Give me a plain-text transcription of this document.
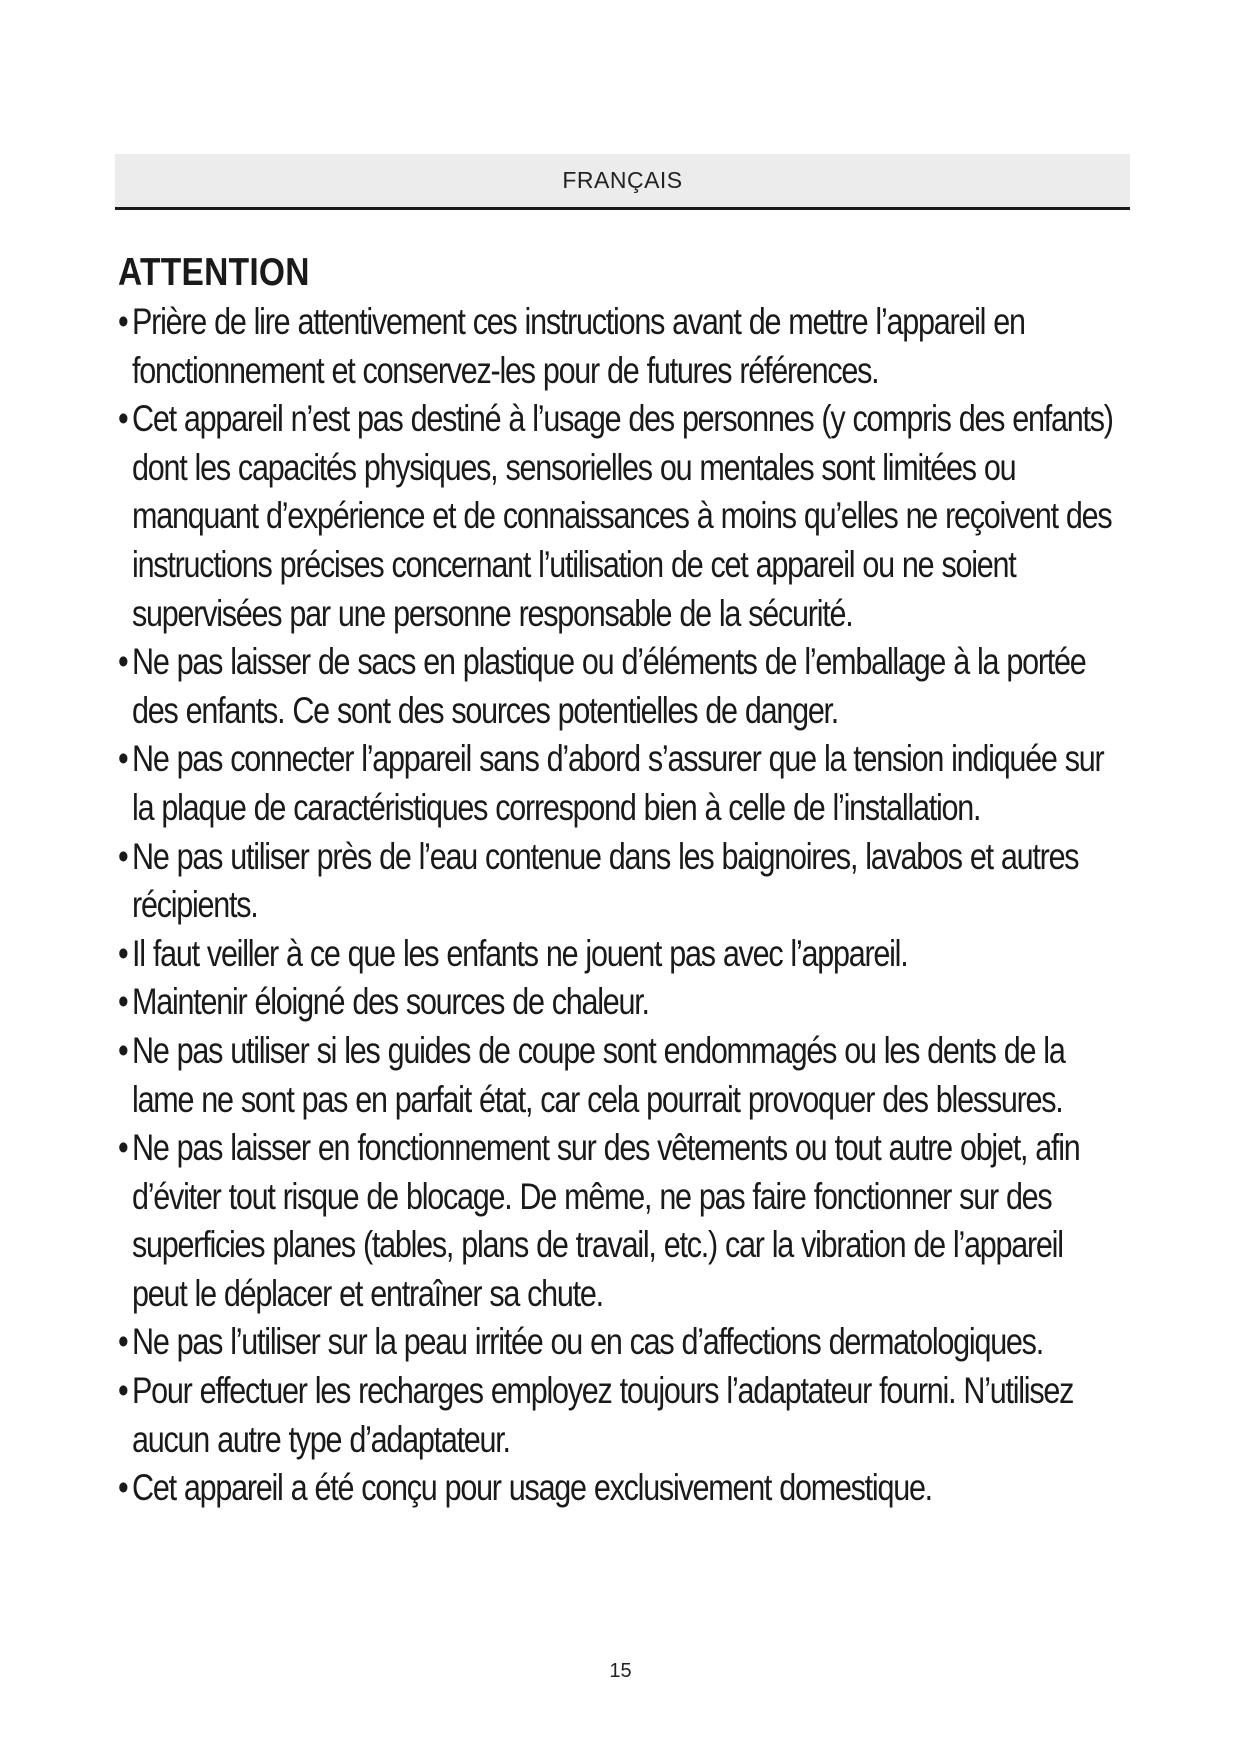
FRANÇAIS
ATTENTION
• Prière de lire attentivement ces instructions avant de mettre l’appareil en fonctionnement et conservez-les pour de futures références.
• Cet appareil n’est pas destiné à l’usage des personnes (y compris des enfants) dont les capacités physiques, sensorielles ou mentales sont limitées ou manquant d’expérience et de connaissances à moins qu’elles ne reçoivent des instructions précises concernant l’utilisation de cet appareil ou ne soient supervisées par une personne responsable de la sécurité.
• Ne pas laisser de sacs en plastique ou d’éléments de l’emballage à la portée des enfants. Ce sont des sources potentielles de danger.
• Ne pas connecter l’appareil sans d’abord s’assurer que la tension indiquée sur la plaque de caractéristiques correspond bien à celle de l’installation.
• Ne pas utiliser près de l’eau contenue dans les baignoires, lavabos et autres récipients.
• Il faut veiller à ce que les enfants ne jouent pas avec l’appareil.
• Maintenir éloigné des sources de chaleur.
• Ne pas utiliser si les guides de coupe sont endommagés ou les dents de la lame ne sont pas en parfait état, car cela pourrait provoquer des blessures.
• Ne pas laisser en fonctionnement sur des vêtements ou tout autre objet, afin d’éviter tout risque de blocage. De même, ne pas faire fonctionner sur des superficies planes (tables, plans de travail, etc.) car la vibration de l’appareil peut le déplacer et entraîner sa chute.
• Ne pas l’utiliser sur la peau irritée ou en cas d’affections dermatologiques.
• Pour effectuer les recharges employez toujours l’adaptateur fourni. N’utilisez aucun autre type d’adaptateur.
• Cet appareil a été conçu pour usage exclusivement domestique.
15
